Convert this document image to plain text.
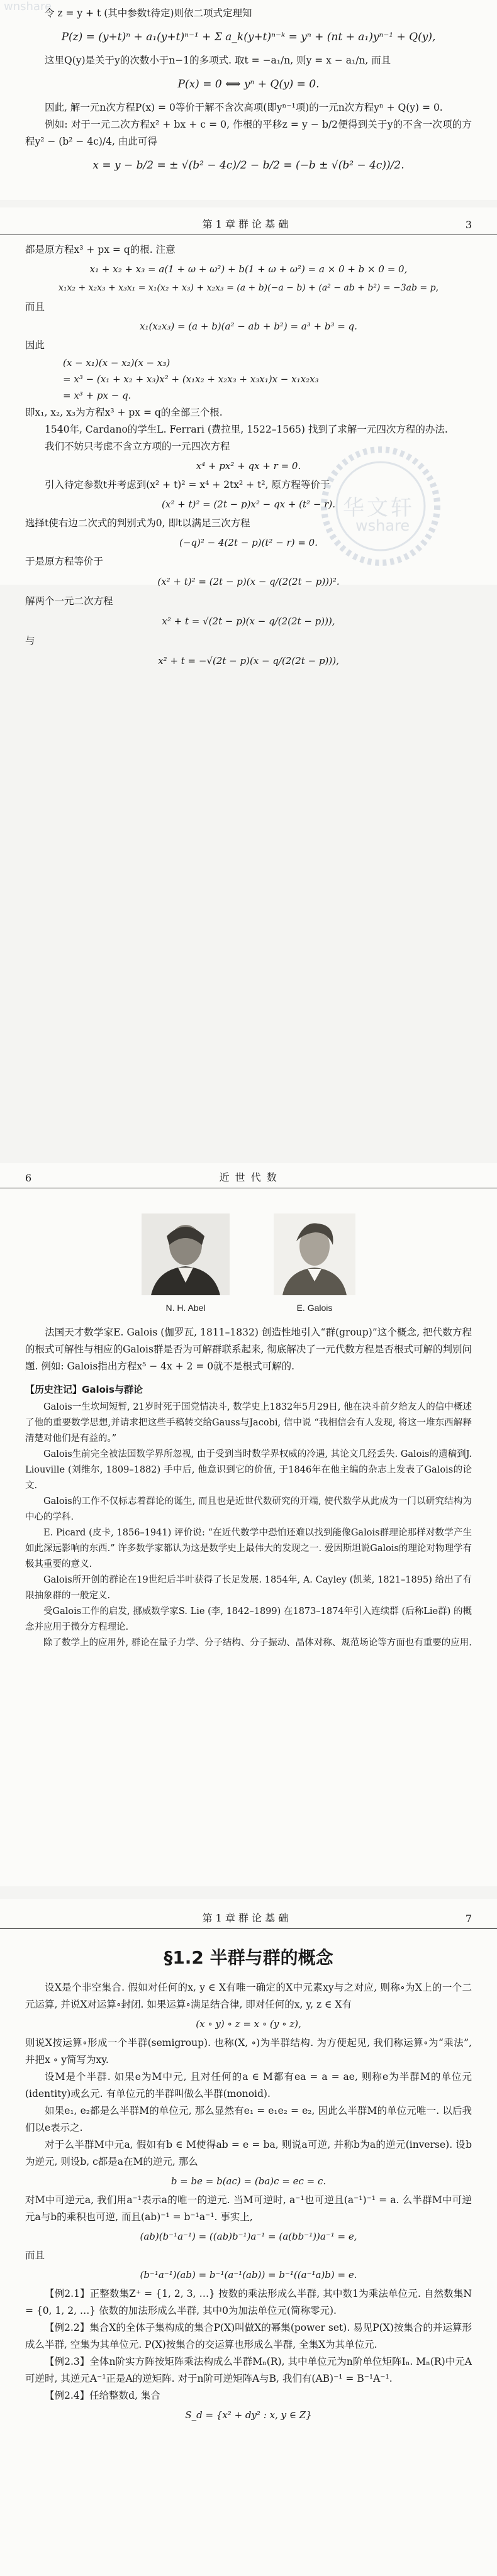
wnshare

令 z = y + t (其中参数t待定)则依二项式定理知

P(z) = (y+t)ⁿ + a₁(y+t)ⁿ⁻¹ + Σ a_k(y+t)ⁿ⁻ᵏ = yⁿ + (nt + a₁)yⁿ⁻¹ + Q(y),

这里Q(y)是关于y的次数小于n−1的多项式. 取t = −a₁/n, 则y = x − a₁/n, 而且

P(x) = 0 ⟺ yⁿ + Q(y) = 0.

因此, 解一元n次方程P(x) = 0等价于解不含次高项(即yⁿ⁻¹项)的一元n次方程yⁿ + Q(y) = 0.

例如: 对于一元二次方程x² + bx + c = 0, 作根的平移z = y − b/2便得到关于y的不含一次项的方程y² − (b² − 4c)/4, 由此可得

x = y − b/2 = ± √(b² − 4c)/2 − b/2 = (−b ± √(b² − 4c))/2.
第 1 章 群 论 基 础	3

都是原方程x³ + px = q的根. 注意

x₁ + x₂ + x₃ = a(1 + ω + ω²) + b(1 + ω + ω²) = a × 0 + b × 0 = 0,
x₁x₂ + x₂x₃ + x₃x₁ = x₁(x₂ + x₃) + x₂x₃ = (a + b)(−a − b) + (a² − ab + b²) = −3ab = p,

而且

x₁(x₂x₃) = (a + b)(a² − ab + b²) = a³ + b³ = q.

因此

(x − x₁)(x − x₂)(x − x₃)
= x³ − (x₁ + x₂ + x₃)x² + (x₁x₂ + x₂x₃ + x₃x₁)x − x₁x₂x₃
= x³ + px − q.

即x₁, x₂, x₃为方程x³ + px = q的全部三个根.

1540年, Cardano的学生L. Ferrari (费拉里, 1522–1565) 找到了求解一元四次方程的办法.

我们不妨只考虑不含立方项的一元四次方程

x⁴ + px² + qx + r = 0.

引入待定参数t并考虑到(x² + t)² = x⁴ + 2tx² + t², 原方程等价于

(x² + t)² = (2t − p)x² − qx + (t² − r).

选择t使右边二次式的判别式为0, 即t以满足三次方程

(−q)² − 4(2t − p)(t² − r) = 0.

于是原方程等价于

(x² + t)² = (2t − p)(x − q/(2(2t − p)))².

解两个一元二次方程

x² + t = √(2t − p)(x − q/(2(2t − p))),

与

x² + t = −√(2t − p)(x − q/(2(2t − p))),
华文轩
wshare
6	近 世 代 数
N. H. Abel	E. Galois

法国天才数学家E. Galois (伽罗瓦, 1811–1832) 创造性地引入“群(group)”这个概念, 把代数方程的根式可解性与相应的Galois群是否为可解群联系起来, 彻底解决了一元代数方程是否根式可解的判别问题. 例如: Galois指出方程x⁵ − 4x + 2 = 0就不是根式可解的.

【历史注记】Galois与群论

Galois一生坎坷短暂, 21岁时死于国党情决斗, 数学史上1832年5月29日, 他在决斗前夕给友人的信中概述了他的重要数学思想,并请求把这些手稿转交给Gauss与Jacobi, 信中说 “我相信会有人发现, 将这一堆东西解释清楚对他们是有益的。”

Galois生前完全被法国数学界所忽视, 由于受到当时数学界权威的冷遇, 其论文几经丢失. Galois的遗稿到J. Liouville (刘维尔, 1809–1882) 手中后, 他意识到它的价值, 于1846年在他主编的杂志上发表了Galois的论文.

Galois的工作不仅标志着群论的诞生, 而且也是近世代数研究的开端, 使代数学从此成为一门以研究结构为中心的学科.

E. Picard (皮卡, 1856–1941) 评价说: “在近代数学中恐怕还难以找到能像Galois群理论那样对数学产生如此深远影响的东西.” 许多数学家都认为这是数学史上最伟大的发现之一. 爱因斯坦说Galois的理论对物理学有极其重要的意义.

Galois所开创的群论在19世纪后半叶获得了长足发展. 1854年, A. Cayley (凯莱, 1821–1895) 给出了有限抽象群的一般定义.

受Galois工作的启发, 挪威数学家S. Lie (李, 1842–1899) 在1873–1874年引入连续群 (后称Lie群) 的概念并应用于微分方程理论.

除了数学上的应用外, 群论在量子力学、分子结构、分子振动、晶体对称、规范场论等方面也有重要的应用.

第 1 章 群 论 基 础	7
§1.2 半群与群的概念

设X是个非空集合. 假如对任何的x, y ∈ X有唯一确定的X中元素xy与之对应, 则称∘为X上的一个二元运算, 并说X对运算∘封闭. 如果运算∘满足结合律, 即对任何的x, y, z ∈ X有

(x ∘ y) ∘ z = x ∘ (y ∘ z),

则说X按运算∘形成一个半群(semigroup). 也称(X, ∘)为半群结构. 为方便起见, 我们称运算∘为“乘法”, 并把x ∘ y简写为xy.

设M是个半群. 如果e为M中元, 且对任何的a ∈ M都有ea = a = ae, 则称e为半群M的单位元(identity)或幺元. 有单位元的半群叫做么半群(monoid).

如果e₁, e₂都是么半群M的单位元, 那么显然有e₁ = e₁e₂ = e₂, 因此么半群M的单位元唯一. 以后我们以e表示之.

对于么半群M中元a, 假如有b ∈ M使得ab = e = ba, 则说a可逆, 并称b为a的逆元(inverse). 设b为逆元, 则设b, c都是a在M的逆元, 那么

b = be = b(ac) = (ba)c = ec = c.

对M中可逆元a, 我们用a⁻¹表示a的唯一的逆元. 当M可逆时, a⁻¹也可逆且(a⁻¹)⁻¹ = a. 么半群M中可逆元a与b的乘积也可逆, 而且(ab)⁻¹ = b⁻¹a⁻¹. 事实上,

(ab)(b⁻¹a⁻¹) = ((ab)b⁻¹)a⁻¹ = (a(bb⁻¹))a⁻¹ = e,

而且

(b⁻¹a⁻¹)(ab) = b⁻¹(a⁻¹(ab)) = b⁻¹((a⁻¹a)b) = e.

【例2.1】正整数集Z⁺ = {1, 2, 3, …} 按数的乘法形成么半群, 其中数1为乘法单位元. 自然数集N = {0, 1, 2, …} 依数的加法形成么半群, 其中0为加法单位元(简称零元).

【例2.2】集合X的全体子集构成的集合P(X)叫做X的幂集(power set). 易见P(X)按集合的并运算形成么半群, 空集为其单位元. P(X)按集合的交运算也形成么半群, 全集X为其单位元.

【例2.3】全体n阶实方阵按矩阵乘法构成么半群Mₙ(R), 其中单位元为n阶单位矩阵Iₙ. Mₙ(R)中元A可逆时, 其逆元A⁻¹正是A的逆矩阵. 对于n阶可逆矩阵A与B, 我们有(AB)⁻¹ = B⁻¹A⁻¹.

【例2.4】任给整数d, 集合

S_d = {x² + dy² : x, y ∈ Z}
